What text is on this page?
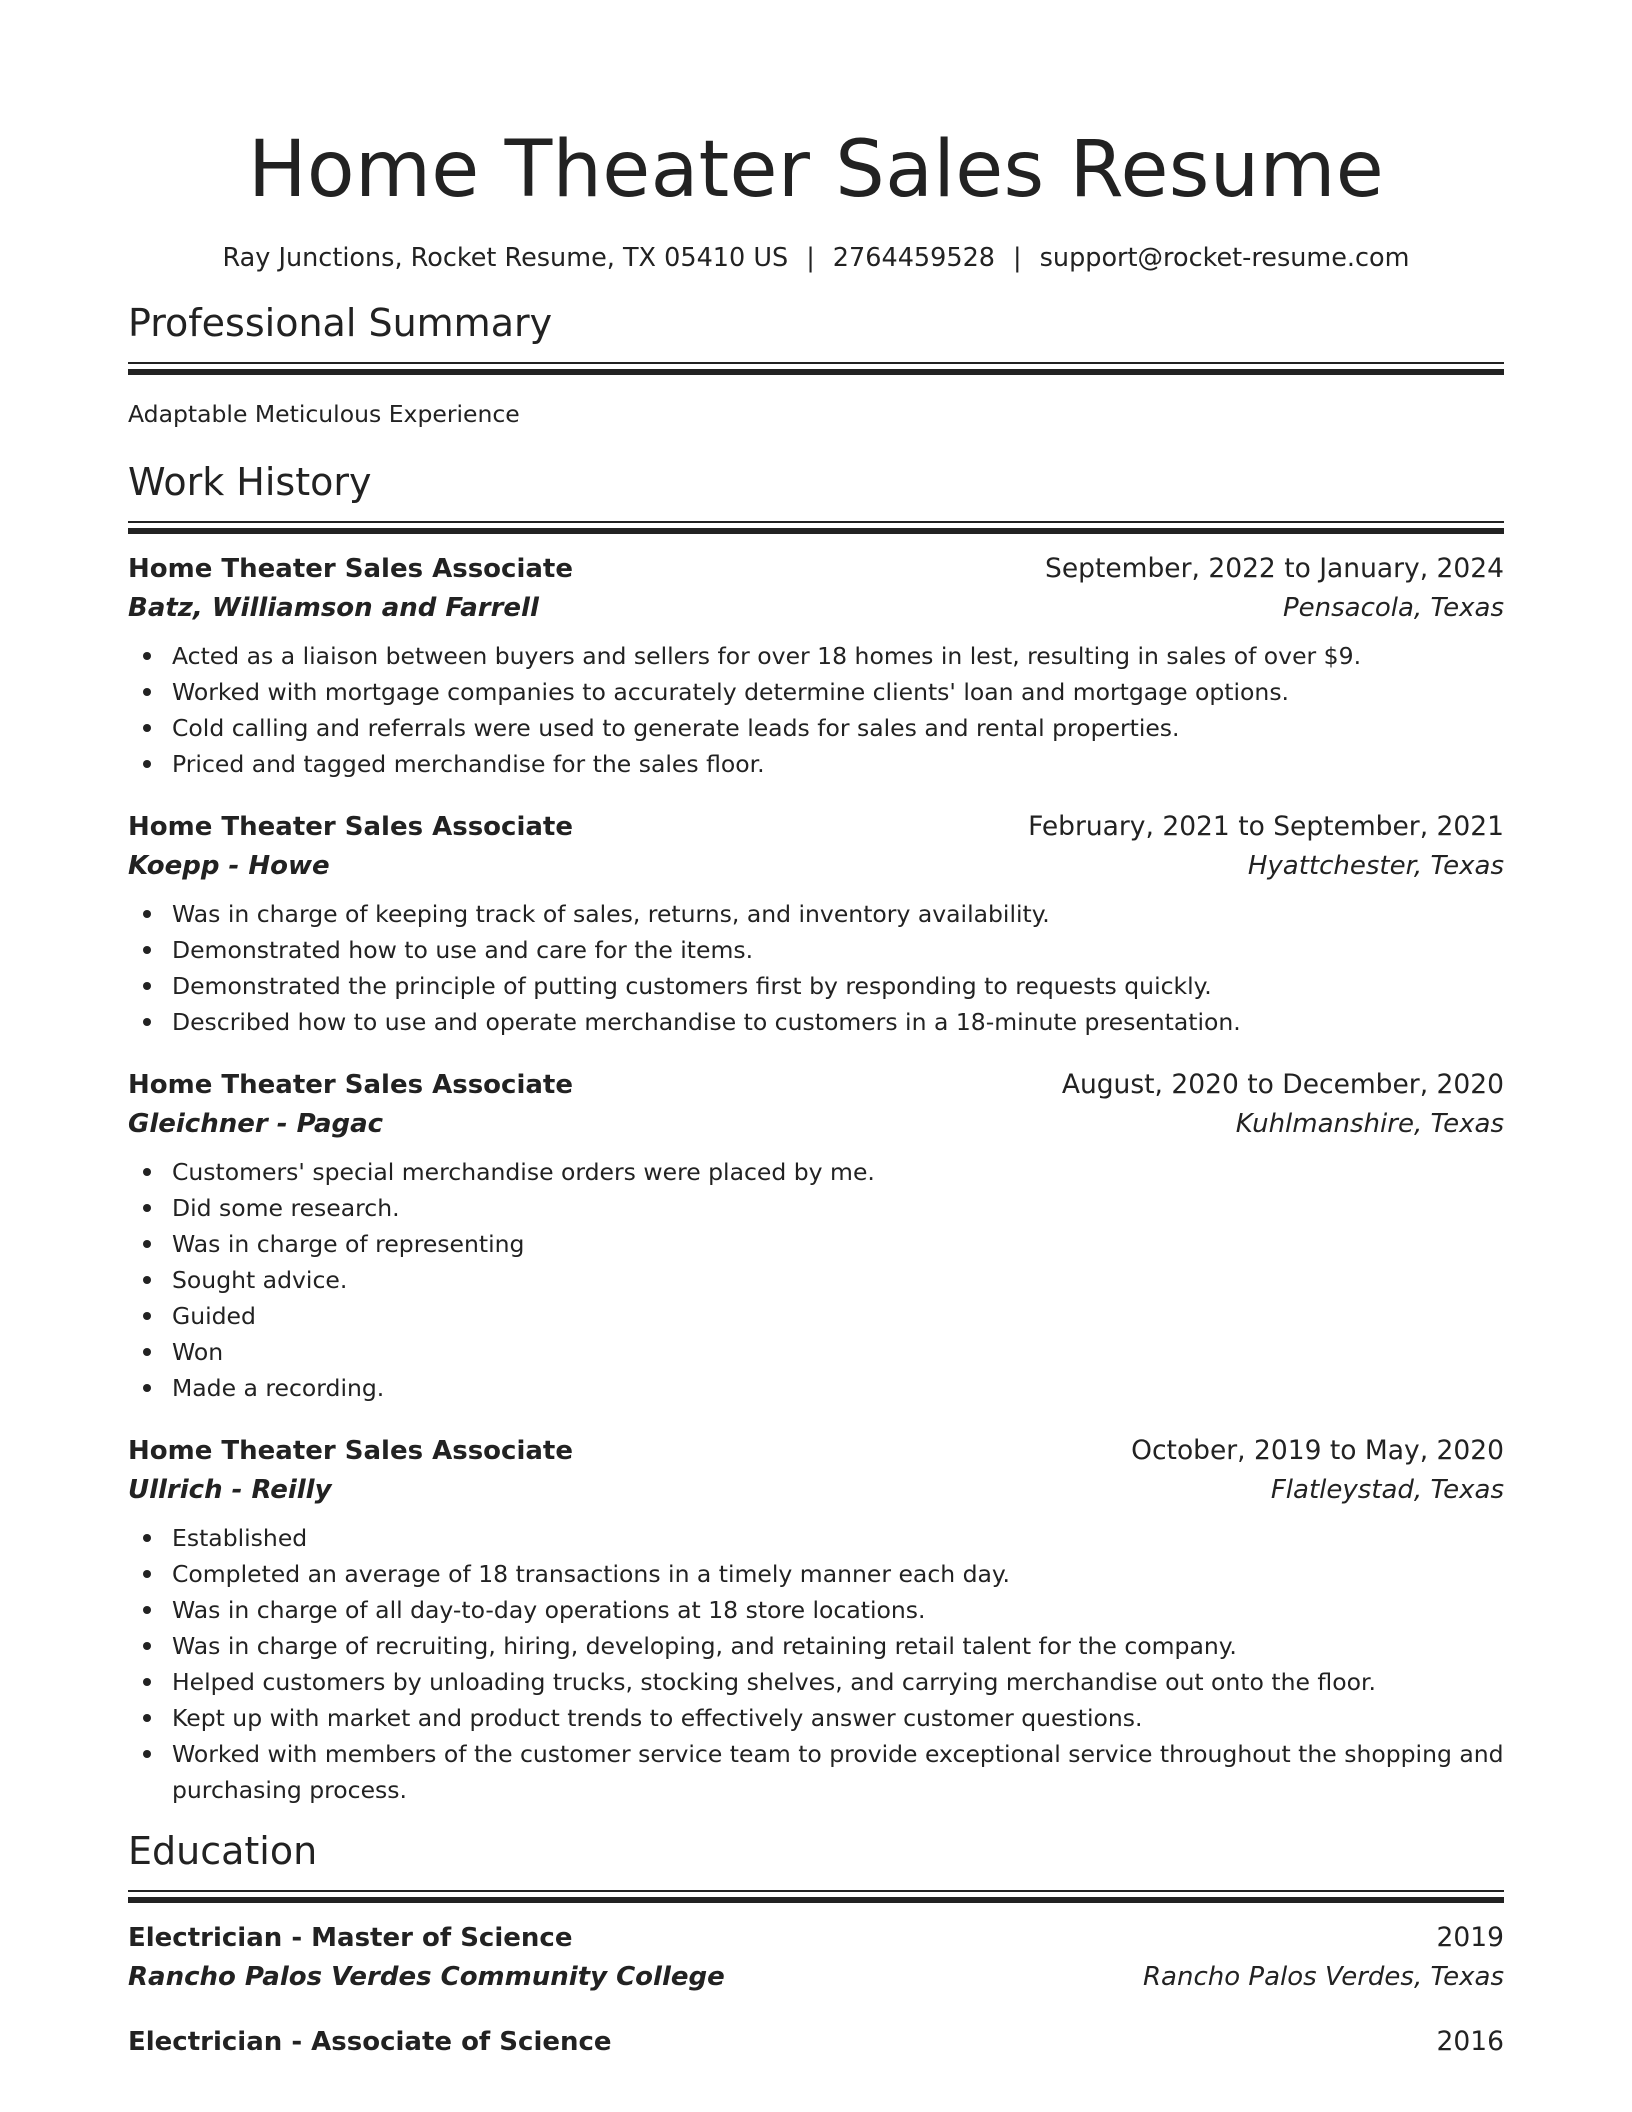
Home Theater Sales Resume
Ray Junctions, Rocket Resume, TX 05410 US | 2764459528 | support@rocket-resume.com
Professional Summary
Adaptable Meticulous Experience
Work History
Home Theater Sales Associate	September, 2022 to January, 2024
Batz, Williamson and Farrell	Pensacola, Texas
Acted as a liaison between buyers and sellers for over 18 homes in lest, resulting in sales of over $9.
Worked with mortgage companies to accurately determine clients' loan and mortgage options.
Cold calling and referrals were used to generate leads for sales and rental properties.
Priced and tagged merchandise for the sales floor.
Home Theater Sales Associate	February, 2021 to September, 2021
Koepp - Howe	Hyattchester, Texas
Was in charge of keeping track of sales, returns, and inventory availability.
Demonstrated how to use and care for the items.
Demonstrated the principle of putting customers first by responding to requests quickly.
Described how to use and operate merchandise to customers in a 18-minute presentation.
Home Theater Sales Associate	August, 2020 to December, 2020
Gleichner - Pagac	Kuhlmanshire, Texas
Customers' special merchandise orders were placed by me.
Did some research.
Was in charge of representing
Sought advice.
Guided
Won
Made a recording.
Home Theater Sales Associate	October, 2019 to May, 2020
Ullrich - Reilly	Flatleystad, Texas
Established
Completed an average of 18 transactions in a timely manner each day.
Was in charge of all day-to-day operations at 18 store locations.
Was in charge of recruiting, hiring, developing, and retaining retail talent for the company.
Helped customers by unloading trucks, stocking shelves, and carrying merchandise out onto the floor.
Kept up with market and product trends to effectively answer customer questions.
Worked with members of the customer service team to provide exceptional service throughout the shopping and purchasing process.
Education
Electrician - Master of Science	2019
Rancho Palos Verdes Community College	Rancho Palos Verdes, Texas
Electrician - Associate of Science	2016
